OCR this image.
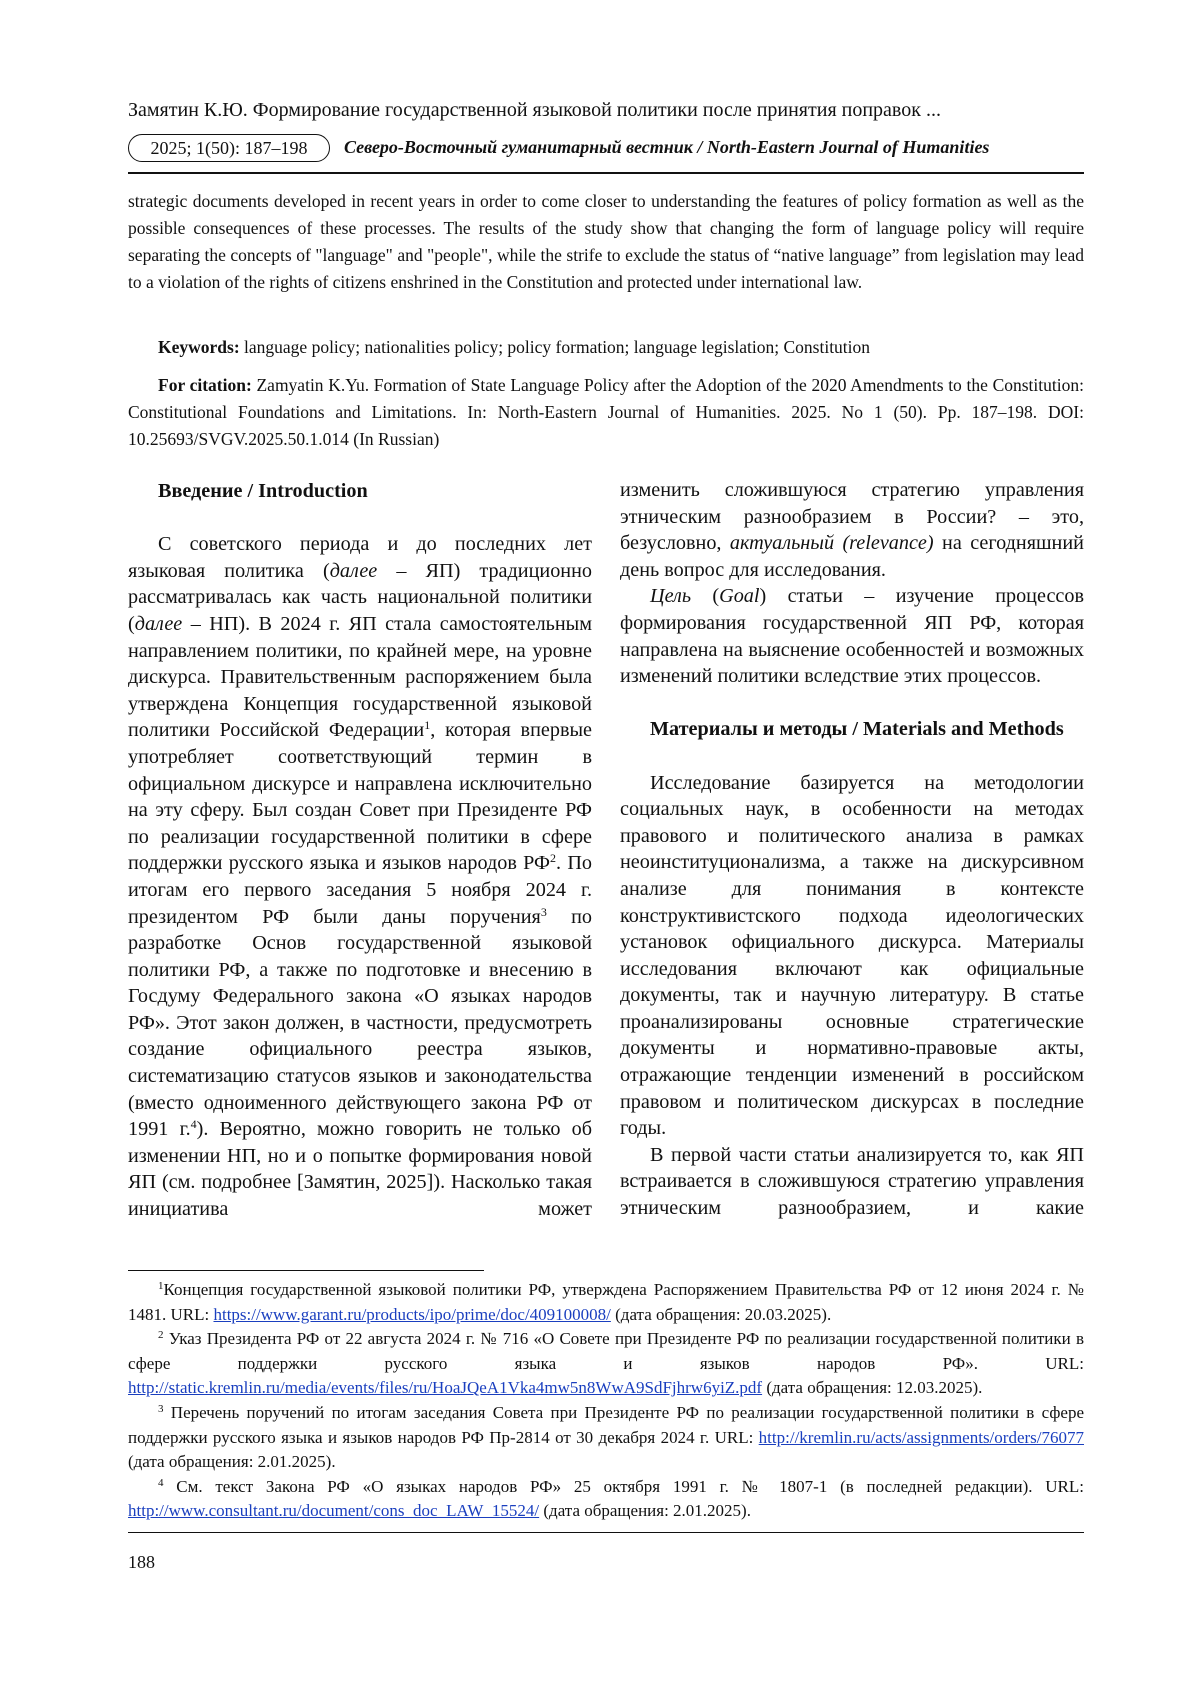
Замятин К.Ю. Формирование государственной языковой политики после принятия поправок ...
2025; 1(50): 187–198	Северо-Восточный гуманитарный вестник / North-Eastern Journal of Humanities

strategic documents developed in recent years in order to come closer to understanding the features of policy formation as well as the possible consequences of these processes. The results of the study show that changing the form of language policy will require separating the concepts of "language" and "people", while the strife to exclude the status of “native language” from legislation may lead to a violation of the rights of citizens enshrined in the Constitution and protected under international law.

Keywords: language policy; nationalities policy; policy formation; language legislation; Constitution
For citation: Zamyatin K.Yu. Formation of State Language Policy after the Adoption of the 2020 Amendments to the Constitution: Constitutional Foundations and Limitations. In: North-Eastern Journal of Humanities. 2025. No 1 (50). Pp. 187–198. DOI: 10.25693/SVGV.2025.50.1.014 (In Russian)
Введение / Introduction

С советского периода и до последних лет языковая политика (далее – ЯП) традиционно рассматривалась как часть национальной политики (далее – НП). В 2024 г. ЯП стала самостоятельным направлением политики, по крайней мере, на уровне дискурса. Правительственным распоряжением была утверждена Концепция государственной языковой политики Российской Федерации$^1$, которая впервые употребляет соответствующий термин в официальном дискурсе и направлена исключительно на эту сферу. Был создан Совет при Президенте РФ по реализации государственной политики в сфере поддержки русского языка и языков народов $РФ^2$. По итогам его первого заседания 5 ноября 2024 г. президентом РФ были даны поручения$^3$ по разработке Основ государственной языковой политики РФ, а также по подготовке и внесению в Госдуму Федерального закона «О языках народов РФ». Этот закон должен, в частности, предусмотреть создание официального реестра языков, систематизацию статусов языков и законодательства (вместо одноименного действующего закона РФ от 1991 г.$^4$). Вероятно, можно говорить не только об изменении НП, но и о попытке формирования новой ЯП (см. подробнее [Замятин, 2025]). Насколько такая инициатива может

изменить сложившуюся стратегию управления этническим разнообразием в России? – это, безусловно, актуальный (relevance) на сегодняшний день вопрос для исследования.

Цель (Goal) статьи – изучение процессов формирования государственной ЯП РФ, которая направлена на выяснение особенностей и возможных изменений политики вследствие этих процессов.

Материалы и методы / Materials and Methods

Исследование базируется на методологии социальных наук, в особенности на методах правового и политического анализа в рамках неоинституционализма, а также на дискурсивном анализе для понимания в контексте конструктивистского подхода идеологических установок официального дискурса. Материалы исследования включают как официальные документы, так и научную литературу. В статье проанализированы основные стратегические документы и нормативно-правовые акты, отражающие тенденции изменений в российском правовом и политическом дискурсах в последние годы.

В первой части статьи анализируется то, как ЯП встраивается в сложившуюся стратегию управления этническим разнообразием, и какие

$^1$Концепция государственной языковой политики РФ, утверждена Распоряжением Правительства РФ от 12 июня 2024 г. № 1481. URL: https://www.garant.ru/products/ipo/prime/doc/409100008/ (дата обращения: 20.03.2025).

$^2$ Указ Президента РФ от 22 августа 2024 г. № 716 «О Совете при Президенте РФ по реализации государственной политики в сфере поддержки русского языка и языков народов РФ». URL: http://static.kremlin.ru/media/events/files/ru/HoaJQeA1Vka4mw5n8WwA9SdFjhrw6yiZ.pdf (дата обращения: 12.03.2025).

$^3$ Перечень поручений по итогам заседания Совета при Президенте РФ по реализации государственной политики в сфере поддержки русского языка и языков народов РФ Пр-2814 от 30 декабря 2024 г. URL: http://kremlin.ru/acts/assignments/orders/76077 (дата обращения: 2.01.2025).

$^4$ См. текст Закона РФ «О языках народов РФ» 25 октября 1991 г. № 1807-1 (в последней редакции). URL: http://www.consultant.ru/document/cons_doc_LAW_15524/ (дата обращения: 2.01.2025).

188
